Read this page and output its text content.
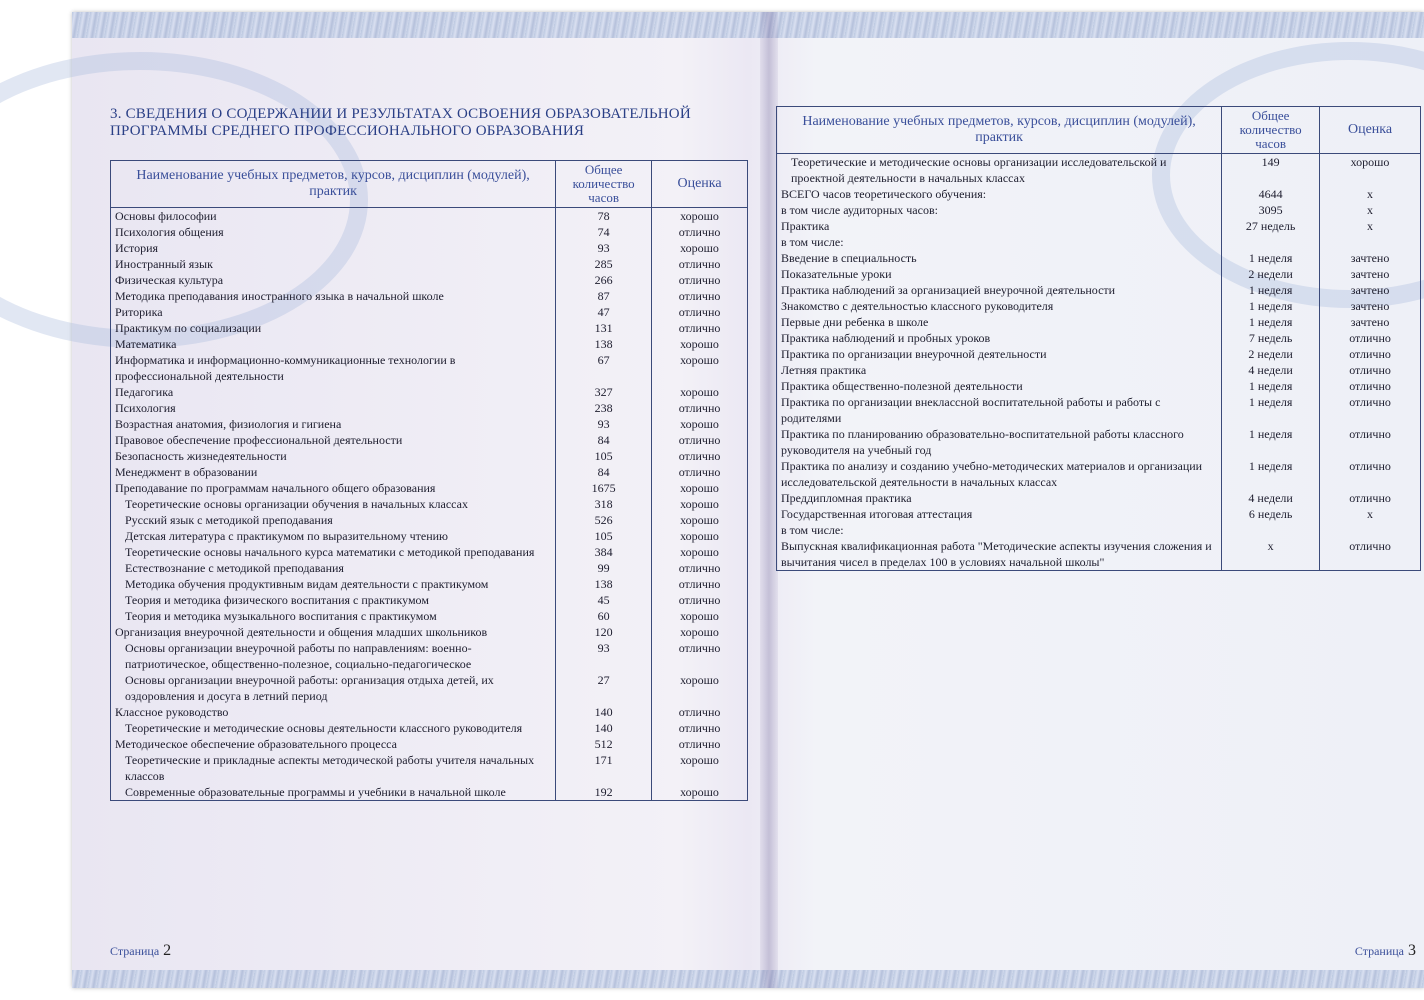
3. СВЕДЕНИЯ О СОДЕРЖАНИИ И РЕЗУЛЬТАТАХ ОСВОЕНИЯ ОБРАЗОВАТЕЛЬНОЙ ПРОГРАММЫ СРЕДНЕГО ПРОФЕССИОНАЛЬНОГО ОБРАЗОВАНИЯ
Наименование учебных предметов, курсов, дисциплин (модулей), практик	Общее количество часов	Оценка
Основы философии	78	хорошо
Психология общения	74	отлично
История	93	хорошо
Иностранный язык	285	отлично
Физическая культура	266	отлично
Методика преподавания иностранного языка в начальной школе	87	отлично
Риторика	47	отлично
Практикум по социализации	131	отлично
Математика	138	хорошо
Информатика и информационно-коммуникационные технологии в профессиональной деятельности	67	хорошо
Педагогика	327	хорошо
Психология	238	отлично
Возрастная анатомия, физиология и гигиена	93	хорошо
Правовое обеспечение профессиональной деятельности	84	отлично
Безопасность жизнедеятельности	105	отлично
Менеджмент в образовании	84	отлично
Преподавание по программам начального общего образования	1675	хорошо
Теоретические основы организации обучения в начальных классах	318	хорошо
Русский язык с методикой преподавания	526	хорошо
Детская литература с практикумом по выразительному чтению	105	хорошо
Теоретические основы начального курса математики с методикой преподавания	384	хорошо
Естествознание с методикой преподавания	99	отлично
Методика обучения продуктивным видам деятельности с практикумом	138	отлично
Теория и методика физического воспитания с практикумом	45	отлично
Теория и методика музыкального воспитания с практикумом	60	хорошо
Организация внеурочной деятельности и общения младших школьников	120	хорошо
Основы организации внеурочной работы по направлениям: военно-патриотическое, общественно-полезное, социально-педагогическое	93	отлично
Основы организации внеурочной работы: организация отдыха детей, их оздоровления и досуга в летний период	27	хорошо
Классное руководство	140	отлично
Теоретические и методические основы деятельности классного руководителя	140	отлично
Методическое обеспечение образовательного процесса	512	отлично
Теоретические и прикладные аспекты методической работы учителя начальных классов	171	хорошо
Современные образовательные программы и учебники в начальной школе	192	хорошо
Наименование учебных предметов, курсов, дисциплин (модулей), практик	Общее количество часов	Оценка
Теоретические и методические основы организации исследовательской и проектной деятельности в начальных классах	149	хорошо
ВСЕГО часов теоретического обучения:	4644	х
в том числе аудиторных часов:	3095	х
Практика	27 недель	х
в том числе:		
Введение в специальность	1 неделя	зачтено
Показательные уроки	2 недели	зачтено
Практика наблюдений за организацией внеурочной деятельности	1 неделя	зачтено
Знакомство с деятельностью классного руководителя	1 неделя	зачтено
Первые дни ребенка в школе	1 неделя	зачтено
Практика наблюдений и пробных уроков	7 недель	отлично
Практика по организации внеурочной деятельности	2 недели	отлично
Летняя практика	4 недели	отлично
Практика общественно-полезной деятельности	1 неделя	отлично
Практика по организации внеклассной воспитательной работы и работы с родителями	1 неделя	отлично
Практика по планированию образовательно-воспитательной работы классного руководителя на учебный год	1 неделя	отлично
Практика по анализу и созданию учебно-методических материалов и организации исследовательской деятельности в начальных классах	1 неделя	отлично
Преддипломная практика	4 недели	отлично
Государственная итоговая аттестация	6 недель	х
в том числе:		
Выпускная квалификационная работа "Методические аспекты изучения сложения и вычитания чисел в пределах 100 в условиях начальной школы"	х	отлично
Страница 2	Страница 3
